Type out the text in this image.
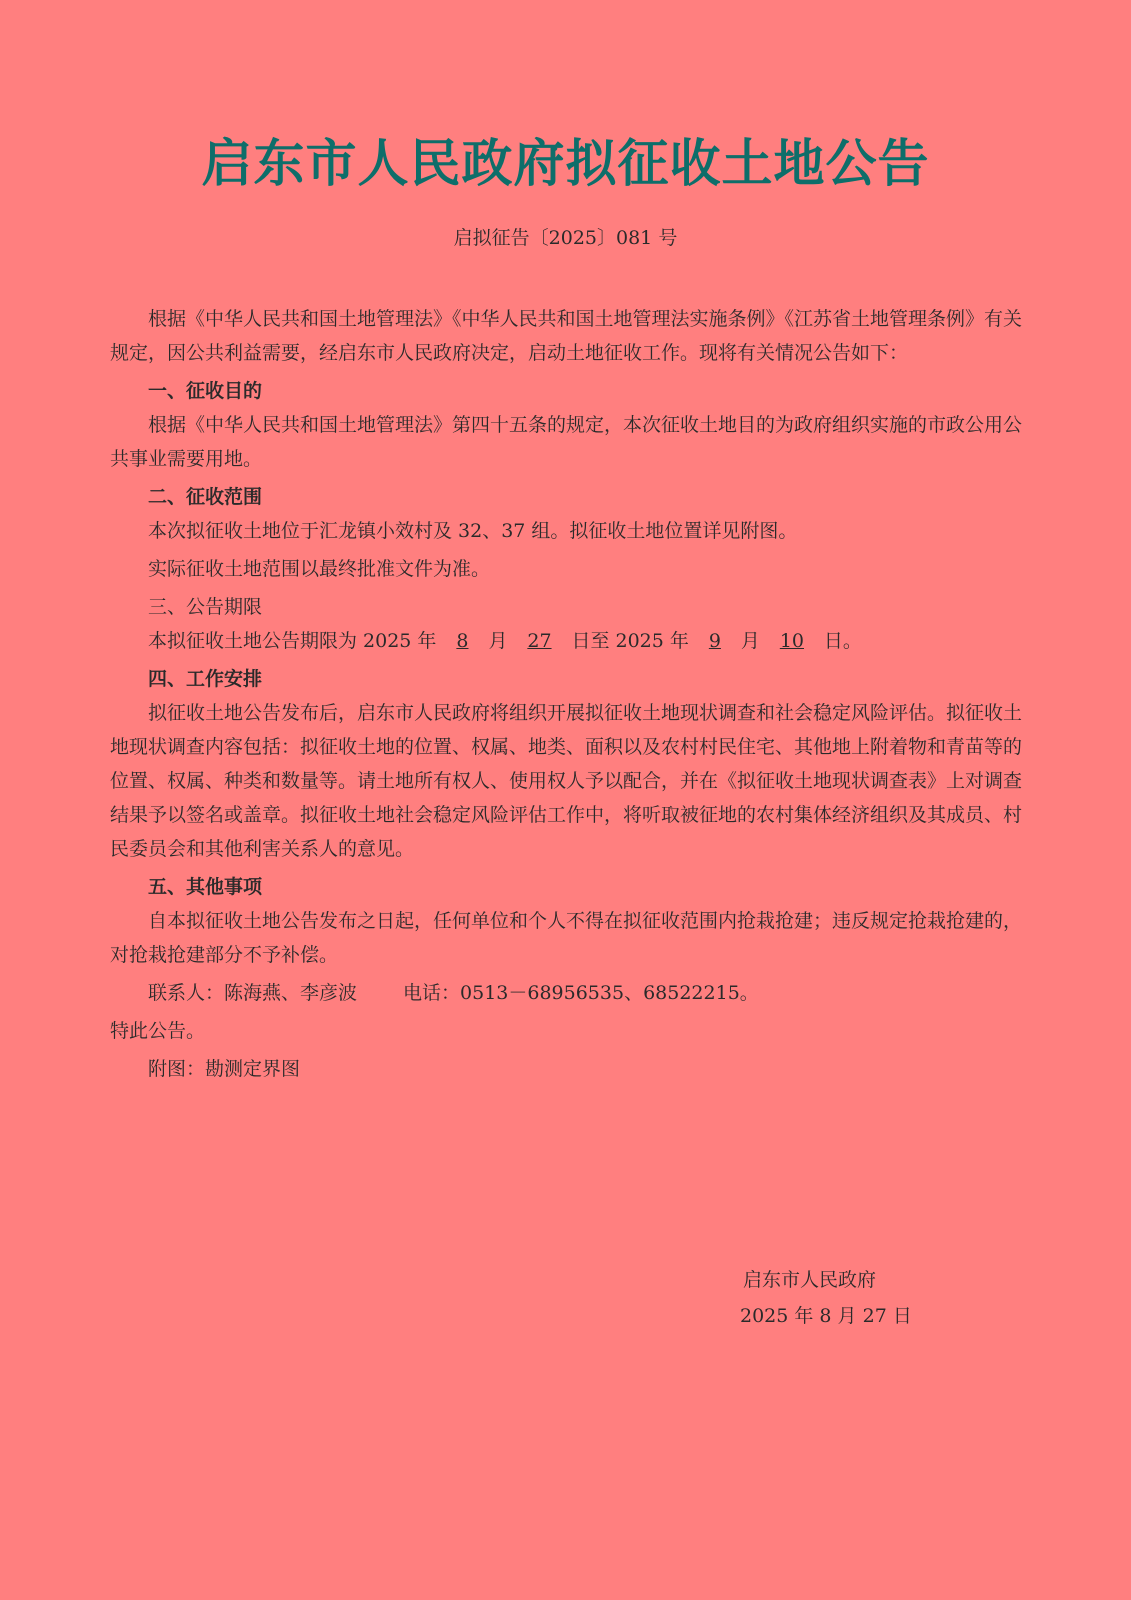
启东市人民政府拟征收土地公告
启拟征告〔2025〕081 号

根据《中华人民共和国土地管理法》《中华人民共和国土地管理法实施条例》《江苏省土地管理条例》有关规定，因公共利益需要，经启东市人民政府决定，启动土地征收工作。现将有关情况公告如下：

一、征收目的

根据《中华人民共和国土地管理法》第四十五条的规定，本次征收土地目的为政府组织实施的市政公用公共事业需要用地。

二、征收范围

本次拟征收土地位于汇龙镇小效村及 32、37 组。拟征收土地位置详见附图。

实际征收土地范围以最终批准文件为准。

三、公告期限

本拟征收土地公告期限为 2025 年 8 月 27 日至 2025 年 9 月 10 日。

四、工作安排

拟征收土地公告发布后，启东市人民政府将组织开展拟征收土地现状调查和社会稳定风险评估。拟征收土地现状调查内容包括：拟征收土地的位置、权属、地类、面积以及农村村民住宅、其他地上附着物和青苗等的位置、权属、种类和数量等。请土地所有权人、使用权人予以配合，并在《拟征收土地现状调查表》上对调查结果予以签名或盖章。拟征收土地社会稳定风险评估工作中，将听取被征地的农村集体经济组织及其成员、村民委员会和其他利害关系人的意见。

五、其他事项

自本拟征收土地公告发布之日起，任何单位和个人不得在拟征收范围内抢栽抢建；违反规定抢栽抢建的，对抢栽抢建部分不予补偿。

联系人：陈海燕、李彦波 电话：0513－68956535、68522215。

特此公告。

附图：勘测定界图

启东市人民政府
2025 年 8 月 27 日
